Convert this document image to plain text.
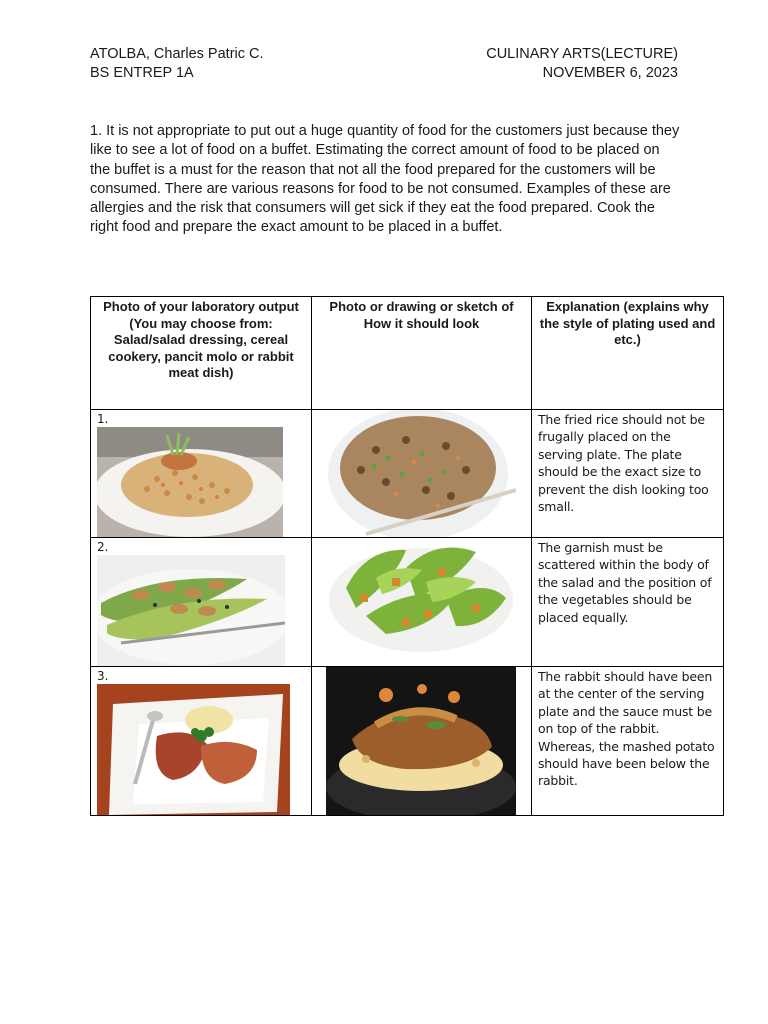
ATOLBA, Charles Patric C.
BS ENTREP 1A
CULINARY ARTS(LECTURE)
NOVEMBER 6, 2023
1. It is not appropriate to put out a huge quantity of food for the customers just because they like to see a lot of food on a buffet. Estimating the correct amount of food to be placed on the buffet is a must for the reason that not all the food prepared for the customers will be consumed. There are various reasons for food to be not consumed. Examples of these are allergies and the risk that consumers will get sick if they eat the food prepared. Cook the right food and prepare the exact amount to be placed in a buffet.
Photo of your laboratory output (You may choose from: Salad/salad dressing, cereal cookery, pancit molo or rabbit meat dish)	Photo or drawing or sketch of How it should look	Explanation (explains why the style of plating used and etc.)

1.		The fried rice should not be frugally placed on the serving plate. The plate should be the exact size to prevent the dish looking too small.

2.		The garnish must be scattered within the body of the salad and the position of the vegetables should be placed equally.

3.		The rabbit should have been at the center of the serving plate and the sauce must be on top of the rabbit. Whereas, the mashed potato should have been below the rabbit.
